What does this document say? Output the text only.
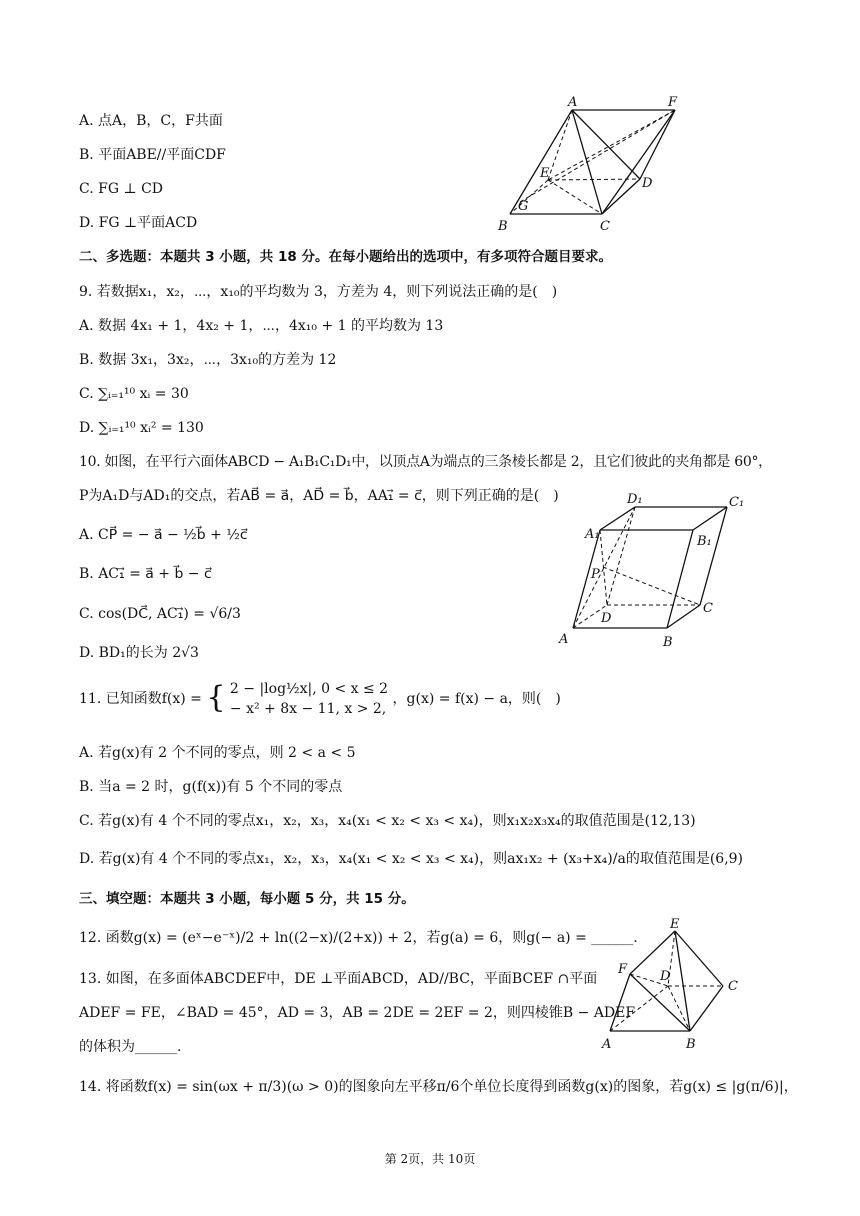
A. 点A，B，C，F共面
B. 平面ABE//平面CDF
C. FG ⊥ CD
D. FG ⊥平面ACD
A	F
E
D
G
B	C
二、多选题：本题共 3 小题，共 18 分。在每小题给出的选项中，有多项符合题目要求。
9. 若数据x₁，x₂，⋯，x₁₀的平均数为 3，方差为 4，则下列说法正确的是(　)
A. 数据 4x₁ + 1，4x₂ + 1，⋯，4x₁₀ + 1 的平均数为 13
B. 数据 3x₁，3x₂，⋯，3x₁₀的方差为 12
C. ∑ᵢ₌₁¹⁰ xᵢ = 30
D. ∑ᵢ₌₁¹⁰ xᵢ² = 130
10. 如图，在平行六面体ABCD − A₁B₁C₁D₁中，以顶点A为端点的三条棱长都是 2，且它们彼此的夹角都是 60°，
P为A₁D与AD₁的交点，若AB⃗ = a⃗，AD⃗ = b⃗，AA₁⃗ = c⃗，则下列正确的是(　)
A. CP⃗ = − a⃗ − ½b⃗ + ½c⃗
B. AC₁⃗ = a⃗ + b⃗ − c⃗
C. cos(DC⃗, AC₁⃗) = √6/3
D. BD₁的长为 2√3
D₁	C₁
A₁	B₁
P
D
C
A	B
11. 已知函数f(x) = { 2 − |log½x|, 0 < x ≤ 2
− x² + 8x − 11, x > 2,
，g(x) = f(x) − a，则(　)
A. 若g(x)有 2 个不同的零点，则 2 < a < 5
B. 当a = 2 时，g(f(x))有 5 个不同的零点
C. 若g(x)有 4 个不同的零点x₁，x₂，x₃，x₄(x₁ < x₂ < x₃ < x₄)，则x₁x₂x₃x₄的取值范围是(12,13)
D. 若g(x)有 4 个不同的零点x₁，x₂，x₃，x₄(x₁ < x₂ < x₃ < x₄)，则ax₁x₂ + (x₃+x₄)/a的取值范围是(6,9)
三、填空题：本题共 3 小题，每小题 5 分，共 15 分。
12. 函数g(x) = (eˣ−e⁻ˣ)/2 + ln((2−x)/(2+x)) + 2，若g(a) = 6，则g(− a) = ______.
13. 如图，在多面体ABCDEF中，DE ⊥平面ABCD，AD//BC，平面BCEF ∩平面
ADEF = FE，∠BAD = 45°，AD = 3，AB = 2DE = 2EF = 2，则四棱锥B − ADEF
的体积为______.
E
F	D
C
A	B
14. 将函数f(x) = sin(ωx + π/3)(ω > 0)的图象向左平移π/6个单位长度得到函数g(x)的图象，若g(x) ≤ |g(π/6)|，
第 2页，共 10页
